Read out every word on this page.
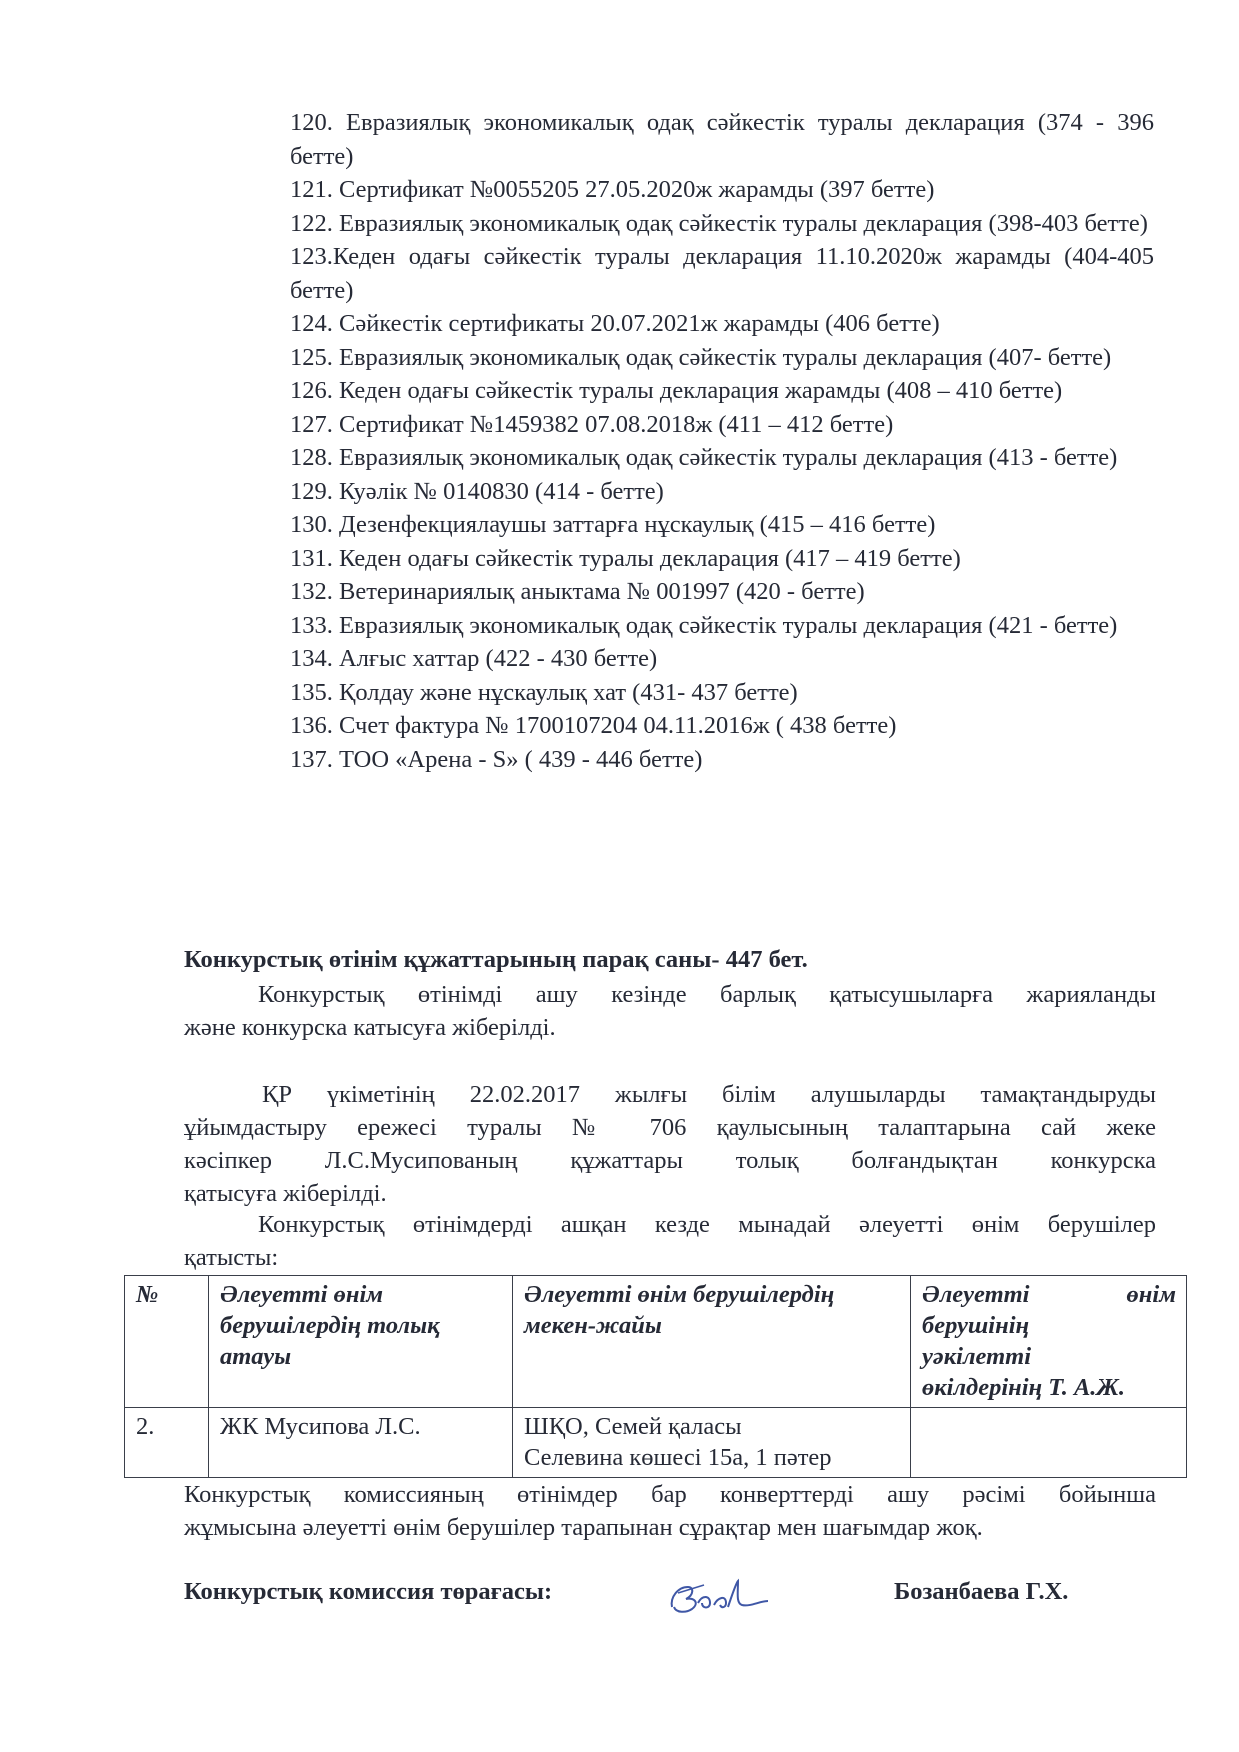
120. Евразиялық экономикалық одақ сәйкестік туралы декларация (374 - 396 бетте)
121. Сертификат №0055205 27.05.2020ж жарамды (397 бетте)
122. Евразиялық экономикалық одақ сәйкестік туралы декларация (398-403 бетте)
123.Кеден одағы сәйкестік туралы декларация 11.10.2020ж жарамды (404-405 бетте)
124. Сәйкестік сертификаты 20.07.2021ж жарамды (406 бетте)
125. Евразиялық экономикалық одақ сәйкестік туралы декларация (407- бетте)
126. Кеден одағы сәйкестік туралы декларация жарамды (408 – 410 бетте)
127. Сертификат №1459382 07.08.2018ж (411 – 412 бетте)
128. Евразиялық экономикалық одақ сәйкестік туралы декларация (413 - бетте)
129. Куәлік № 0140830 (414 - бетте)
130. Дезенфекциялаушы заттарға нұскаулық (415 – 416 бетте)
131. Кеден одағы сәйкестік туралы декларация (417 – 419 бетте)
132. Ветеринариялық аныктама № 001997 (420 - бетте)
133. Евразиялық экономикалық одақ сәйкестік туралы декларация (421 - бетте)
134. Алғыс хаттар (422 - 430 бетте)
135. Қолдау және нұскаулық хат (431- 437 бетте)
136. Счет фактура № 1700107204 04.11.2016ж ( 438 бетте)
137. ТОО «Арена - S» ( 439 - 446 бетте)
Конкурстық өтінім құжаттарының парақ саны- 447 бет.
Конкурстық өтінімді ашу кезінде барлық қатысушыларға жарияланды
және конкурска катысуға жіберілді.
ҚР үкіметінің 22.02.2017 жылғы білім алушыларды тамақтандыруды
ұйымдастыру ережесі туралы № 706 қаулысының талаптарына сай жеке
кәсіпкер Л.С.Мусипованың құжаттары толық болғандықтан конкурска
қатысуға жіберілді.
Конкурстық өтінімдерді ашқан кезде мынадай әлеуетті өнім берушілер
қатысты:
№	Әлеуетті өнім
берушілердің толық
атауы	Әлеуетті өнім берушілердің
мекен-жайы	Әлеуетті өнім
берушінің
уәкілетті
өкілдерінің Т. А.Ж.

2.	ЖК Мусипова Л.С.	ШҚО, Семей қаласы
Селевина көшесі 15а, 1 пәтер	

Конкурстық комиссияның өтінімдер бар конверттерді ашу рәсімі бойынша
жұмысына әлеуетті өнім берушілер тарапынан сұрақтар мен шағымдар жоқ.
Конкурстық комиссия төрағасы:	Бозанбаева Г.Х.
